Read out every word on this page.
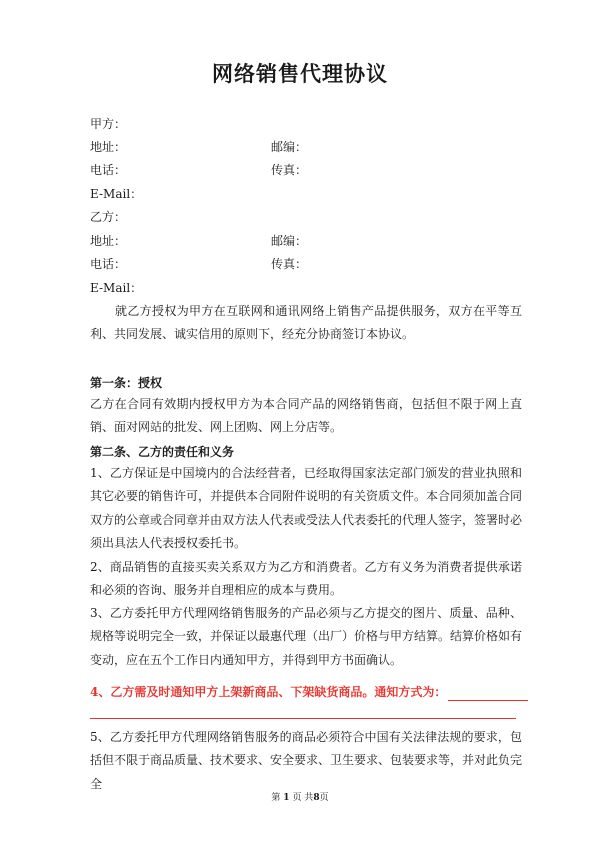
网络销售代理协议
甲方：
地址：	邮编：
电话：	传真：
E-Mail：
乙方：
地址：	邮编：
电话：	传真：
E-Mail：
就乙方授权为甲方在互联网和通讯网络上销售产品提供服务，双方在平等互利、共同发展、诚实信用的原则下，经充分协商签订本协议。
第一条：授权
乙方在合同有效期内授权甲方为本合同产品的网络销售商，包括但不限于网上直销、面对网站的批发、网上团购、网上分店等。
第二条、乙方的责任和义务
1、乙方保证是中国境内的合法经营者，已经取得国家法定部门颁发的营业执照和其它必要的销售许可，并提供本合同附件说明的有关资质文件。本合同须加盖合同双方的公章或合同章并由双方法人代表或受法人代表委托的代理人签字，签署时必须出具法人代表授权委托书。
2、商品销售的直接买卖关系双方为乙方和消费者。乙方有义务为消费者提供承诺和必须的咨询、服务并自理相应的成本与费用。
3、乙方委托甲方代理网络销售服务的产品必须与乙方提交的图片、质量、品种、规格等说明完全一致，并保证以最惠代理（出厂）价格与甲方结算。结算价格如有变动，应在五个工作日内通知甲方，并得到甲方书面确认。
4、乙方需及时通知甲方上架新商品、下架缺货商品。通知方式为：
5、乙方委托甲方代理网络销售服务的商品必须符合中国有关法律法规的要求，包括但不限于商品质量、技术要求、安全要求、卫生要求、包装要求等，并对此负完全
第 1 页 共8页
